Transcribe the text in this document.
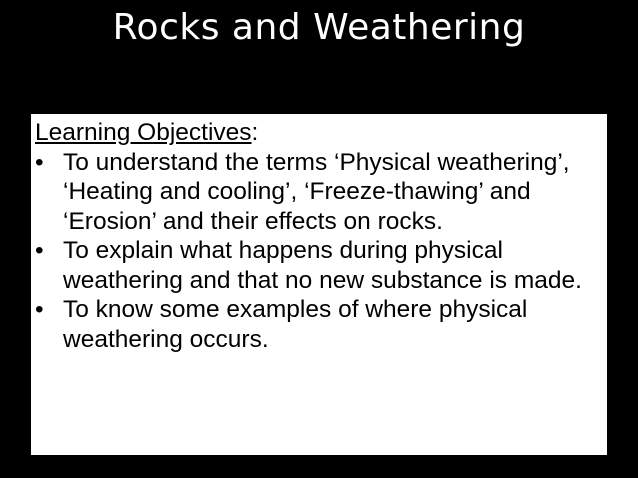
Rocks and Weathering
Learning Objectives:
• To understand the terms ‘Physical weathering’, ‘Heating and cooling’, ‘Freeze-thawing’ and ‘Erosion’ and their effects on rocks.
• To explain what happens during physical weathering and that no new substance is made.
• To know some examples of where physical weathering occurs.
